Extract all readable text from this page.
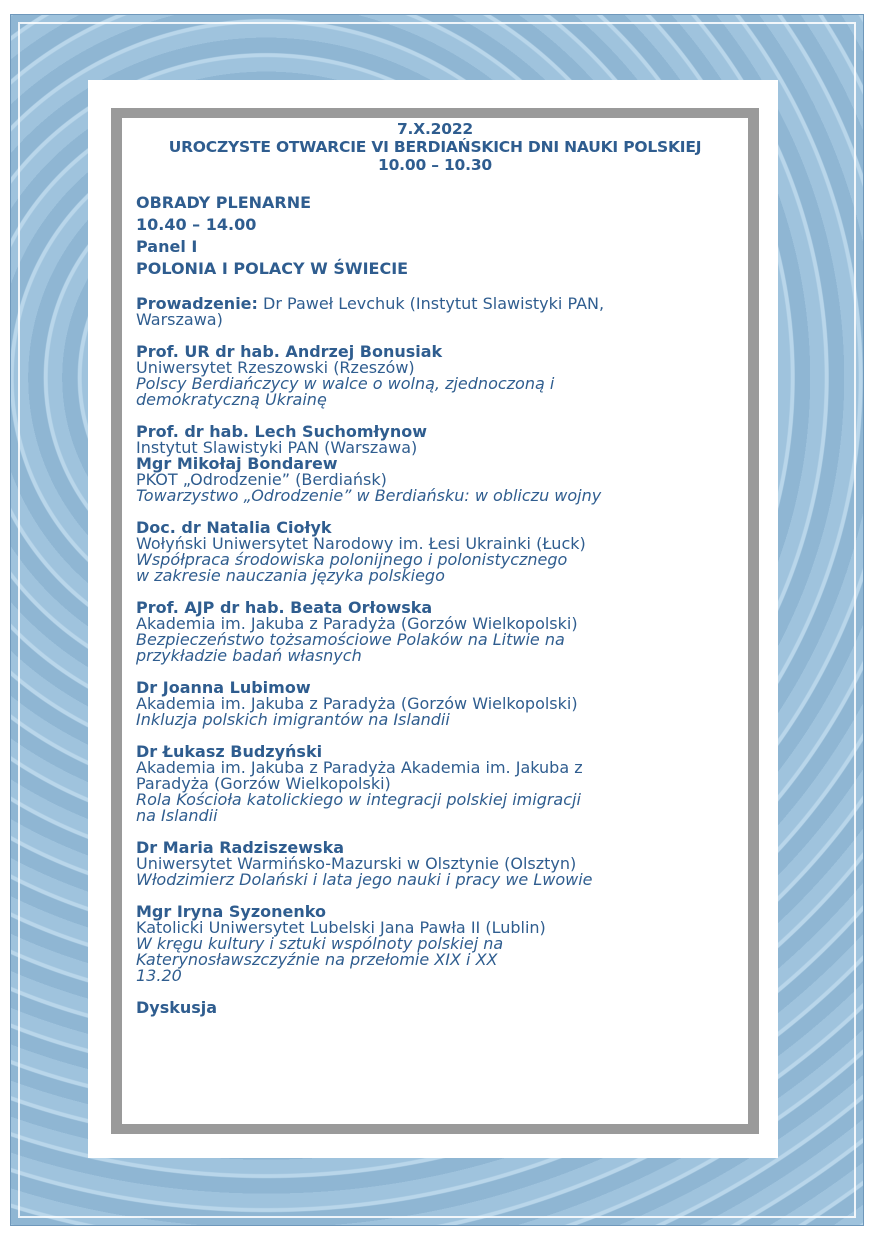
7.X.2022
UROCZYSTE OTWARCIE VI BERDIAŃSKICH DNI NAUKI POLSKIEJ
10.00 – 10.30
OBRADY PLENARNE
10.40 – 14.00
Panel I
POLONIA I POLACY W ŚWIECIE
Prowadzenie: Dr Paweł Levchuk (Instytut Slawistyki PAN,
Warszawa)
Prof. UR dr hab. Andrzej Bonusiak
Uniwersytet Rzeszowski (Rzeszów)
Polscy Berdiańczycy w walce o wolną, zjednoczoną i
demokratyczną Ukrainę
Prof. dr hab. Lech Suchomłynow
Instytut Slawistyki PAN (Warszawa)
Mgr Mikołaj Bondarew
PKOT „Odrodzenie” (Berdiańsk)
Towarzystwo „Odrodzenie” w Berdiańsku: w obliczu wojny
Doc. dr Natalia Ciołyk
Wołyński Uniwersytet Narodowy im. Łesi Ukrainki (Łuck)
Współpraca środowiska polonijnego i polonistycznego
w zakresie nauczania języka polskiego
Prof. AJP dr hab. Beata Orłowska
Akademia im. Jakuba z Paradyża (Gorzów Wielkopolski)
Bezpieczeństwo tożsamościowe Polaków na Litwie na
przykładzie badań własnych
Dr Joanna Lubimow
Akademia im. Jakuba z Paradyża (Gorzów Wielkopolski)
Inkluzja polskich imigrantów na Islandii
Dr Łukasz Budzyński
Akademia im. Jakuba z Paradyża Akademia im. Jakuba z
Paradyża (Gorzów Wielkopolski)
Rola Kościoła katolickiego w integracji polskiej imigracji
na Islandii
Dr Maria Radziszewska
Uniwersytet Warmińsko-Mazurski w Olsztynie (Olsztyn)
Włodzimierz Dolański i lata jego nauki i pracy we Lwowie
Mgr Iryna Syzonenko
Katolicki Uniwersytet Lubelski Jana Pawła II (Lublin)
W kręgu kultury i sztuki wspólnoty polskiej na
Katerynosławszczyźnie na przełomie XIX i XX
13.20
Dyskusja
